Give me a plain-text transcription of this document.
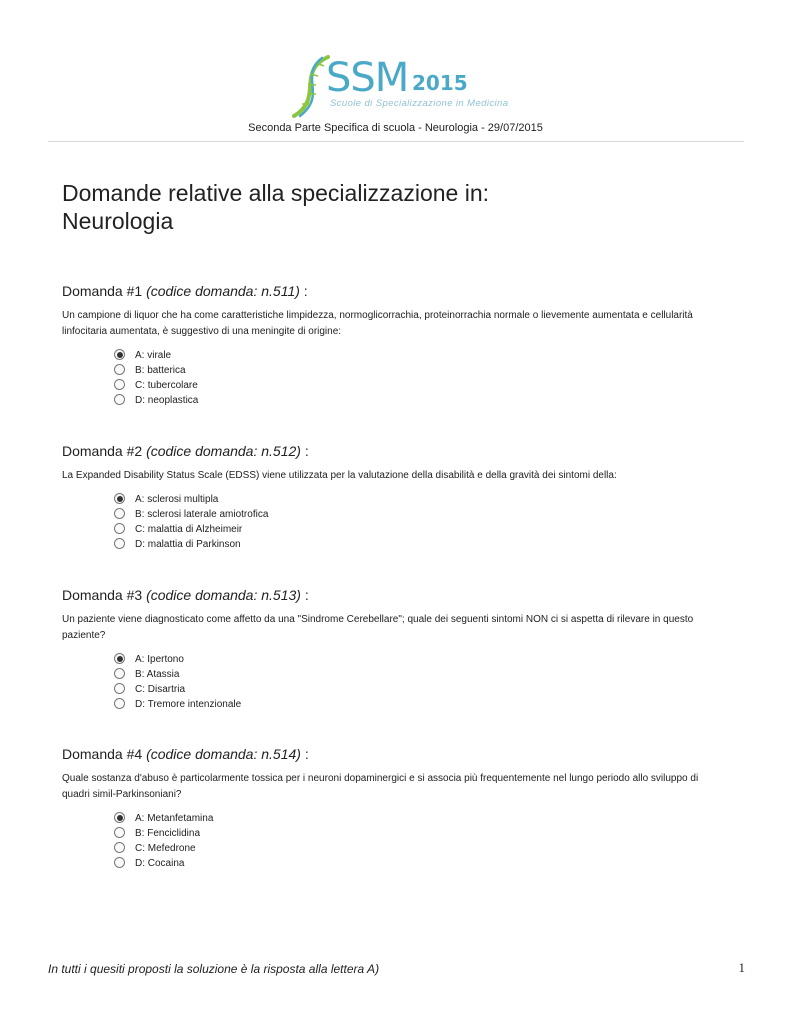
SSM 2015
Scuole di Specializzazione in Medicina
Seconda Parte Specifica di scuola - Neurologia - 29/07/2015
Domande relative alla specializzazione in:
Neurologia
Domanda #1 (codice domanda: n.511) :
Un campione di liquor che ha come caratteristiche limpidezza, normoglicorrachia, proteinorrachia normale o lievemente aumentata e cellularità linfocitaria aumentata, è suggestivo di una meningite di origine:
A: virale
B: batterica
C: tubercolare
D: neoplastica
Domanda #2 (codice domanda: n.512) :
La Expanded Disability Status Scale (EDSS) viene utilizzata per la valutazione della disabilità e della gravità dei sintomi della:
A: sclerosi multipla
B: sclerosi laterale amiotrofica
C: malattia di Alzheimeir
D: malattia di Parkinson
Domanda #3 (codice domanda: n.513) :
Un paziente viene diagnosticato come affetto da una "Sindrome Cerebellare"; quale dei seguenti sintomi NON ci si aspetta di rilevare in questo paziente?
A: Ipertono
B: Atassia
C: Disartria
D: Tremore intenzionale
Domanda #4 (codice domanda: n.514) :
Quale sostanza d'abuso è particolarmente tossica per i neuroni dopaminergici e si associa più frequentemente nel lungo periodo allo sviluppo di quadri simil-Parkinsoniani?
A: Metanfetamina
B: Fenciclidina
C: Mefedrone
D: Cocaina
In tutti i quesiti proposti la soluzione è la risposta alla lettera A)	1
